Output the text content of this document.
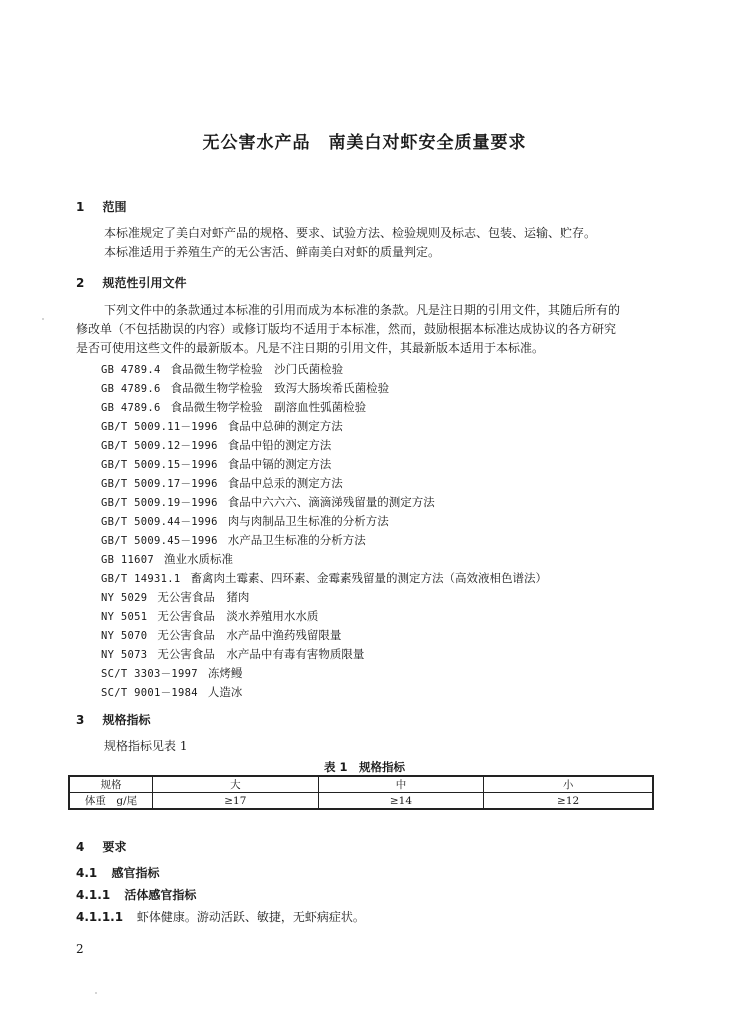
无公害水产品　南美白对虾安全质量要求
1 范围
本标准规定了美白对虾产品的规格、要求、试验方法、检验规则及标志、包装、运输、贮存。
本标准适用于养殖生产的无公害活、鲜南美白对虾的质量判定。
2 规范性引用文件
下列文件中的条款通过本标准的引用而成为本标准的条款。凡是注日期的引用文件，其随后所有的
修改单（不包括勘误的内容）或修订版均不适用于本标准，然而，鼓励根据本标准达成协议的各方研究
是否可使用这些文件的最新版本。凡是不注日期的引用文件，其最新版本适用于本标准。
GB 4789.4 食品微生物学检验　沙门氏菌检验
GB 4789.6 食品微生物学检验　致泻大肠埃希氏菌检验
GB 4789.6 食品微生物学检验　副溶血性弧菌检验
GB/T 5009.11－1996 食品中总砷的测定方法
GB/T 5009.12－1996 食品中铅的测定方法
GB/T 5009.15－1996 食品中镉的测定方法
GB/T 5009.17－1996 食品中总汞的测定方法
GB/T 5009.19－1996 食品中六六六、滴滴涕残留量的测定方法
GB/T 5009.44－1996 肉与肉制品卫生标准的分析方法
GB/T 5009.45－1996 水产品卫生标准的分析方法
GB 11607 渔业水质标准
GB/T 14931.1 畜禽肉土霉素、四环素、金霉素残留量的测定方法（高效液相色谱法）
NY 5029 无公害食品　猪肉
NY 5051 无公害食品　淡水养殖用水水质
NY 5070 无公害食品　水产品中渔药残留限量
NY 5073 无公害食品　水产品中有毒有害物质限量
SC/T 3303－1997 冻烤鳗
SC/T 9001－1984 人造冰
3 规格指标
规格指标见表 1
表 1　规格指标
规格	大	中	小
体重　g/尾	≥17	≥14	≥12
4 要求
4.1 感官指标
4.1.1 活体感官指标
4.1.1.1 虾体健康。游动活跃、敏捷，无虾病症状。
2
